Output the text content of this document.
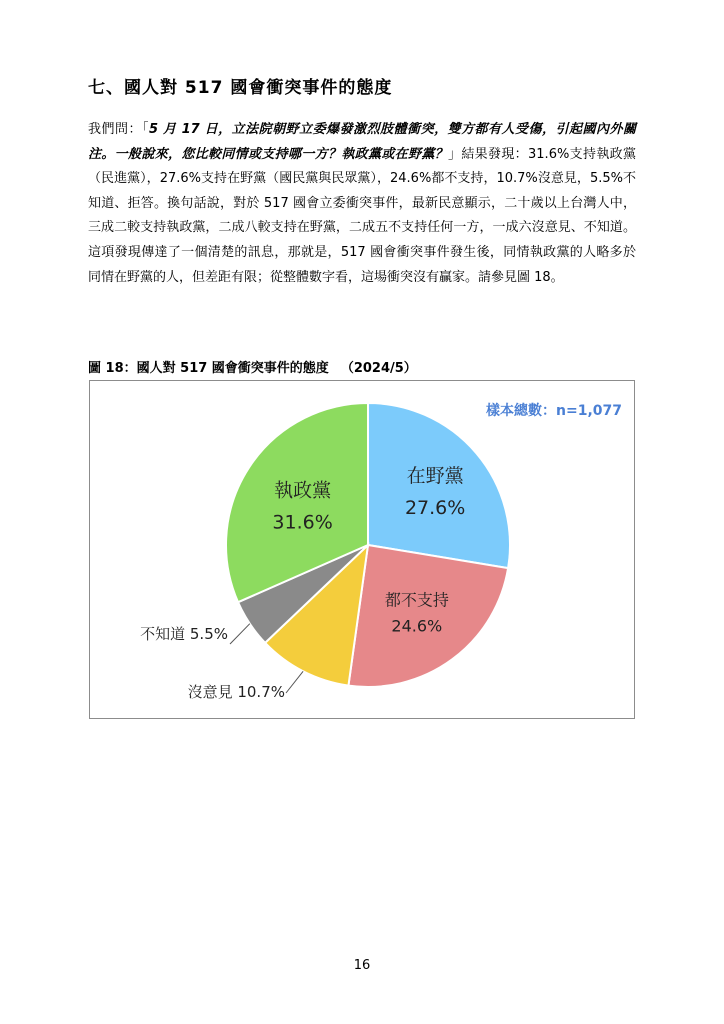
七、國人對 517 國會衝突事件的態度

我們問：「5 月 17 日，立法院朝野立委爆發激烈肢體衝突，雙方都有人受傷，引起國內外關注。一般說來，您比較同情或支持哪一方？執政黨或在野黨？」結果發現：31.6%支持執政黨（民進黨），27.6%支持在野黨（國民黨與民眾黨），24.6%都不支持，10.7%沒意見，5.5%不知道、拒答。換句話說，對於 517 國會立委衝突事件，最新民意顯示，二十歲以上台灣人中，三成二較支持執政黨，二成八較支持在野黨，二成五不支持任何一方，一成六沒意見、不知道。這項發現傳達了一個清楚的訊息，那就是，517 國會衝突事件發生後，同情執政黨的人略多於同情在野黨的人，但差距有限；從整體數字看，這場衝突沒有贏家。請參見圖 18。

圖 18：國人對 517 國會衝突事件的態度 （2024/5）

在野黨
27.6%
都不支持
24.6%
沒意見 10.7%
不知道 5.5%
執政黨
31.6%
樣本總數：n=1,077
16
